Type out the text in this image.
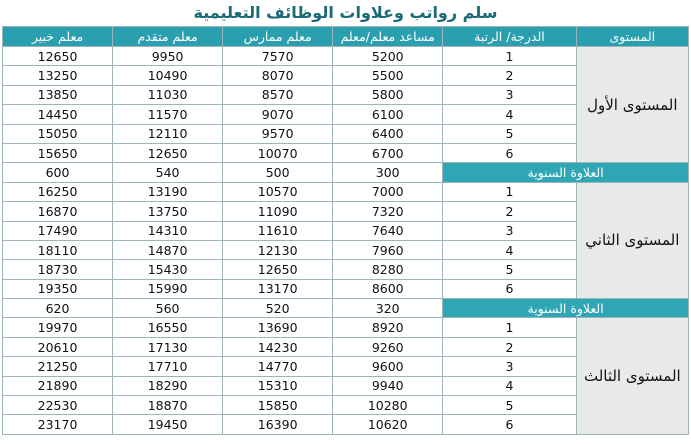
سلم رواتب وعلاوات الوظائف التعليمية
معلم خبير	معلم متقدم	معلم ممارس	مساعد معلم/معلم	الدرجة/ الرتبة	المستوى
12650	9950	7570	5200	1	المستوى الأول
13250	10490	8070	5500	2	
13850	11030	8570	5800	3	
14450	11570	9070	6100	4	
15050	12110	9570	6400	5	
15650	12650	10070	6700	6	
600	540	500	300	العلاوة السنوية	
16250	13190	10570	7000	1	المستوى الثاني
16870	13750	11090	7320	2	
17490	14310	11610	7640	3	
18110	14870	12130	7960	4	
18730	15430	12650	8280	5	
19350	15990	13170	8600	6	
620	560	520	320	العلاوة السنوية	
19970	16550	13690	8920	1	المستوى الثالث
20610	17130	14230	9260	2	
21250	17710	14770	9600	3	
21890	18290	15310	9940	4	
22530	18870	15850	10280	5	
23170	19450	16390	10620	6	
